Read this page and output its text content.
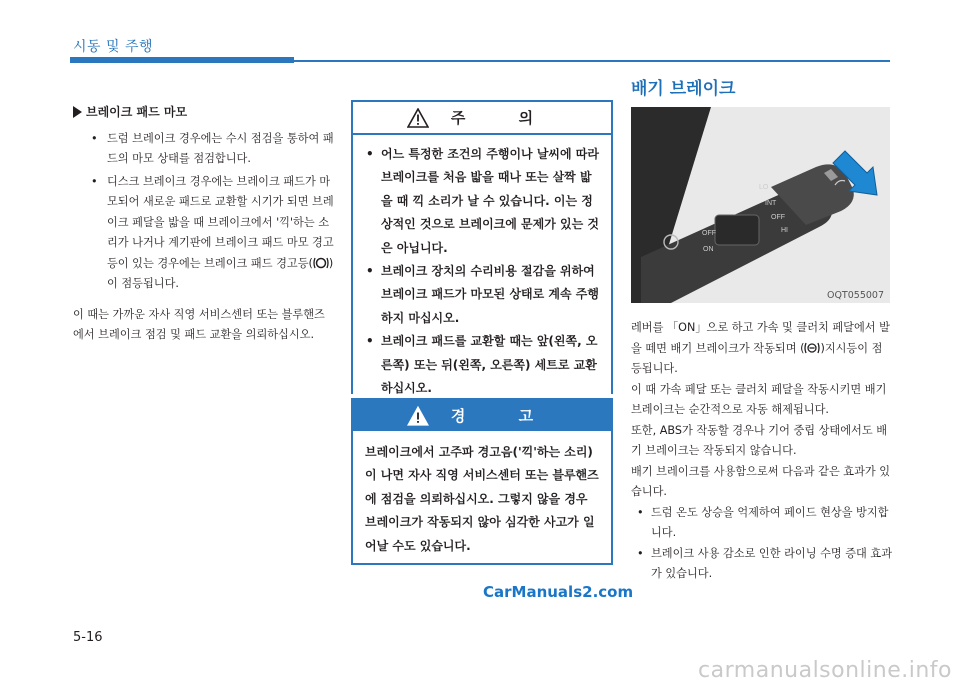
시동 및 주행
브레이크 패드 마모
• 드럼 브레이크 경우에는 수시 점검을 통하여 패드의 마모 상태를 점검합니다.
• 디스크 브레이크 경우에는 브레이크 패드가 마모되어 새로운 패드로 교환할 시기가 되면 브레이크 페달을 밟을 때 브레이크에서 '끽'하는 소리가 나거나 계기판에 브레이크 패드 마모 경고등이 있는 경우에는 브레이크 패드 경고등( )이 점등됩니다.

이 때는 가까운 자사 직영 서비스센터 또는 블루핸즈에서 브레이크 점검 및 패드 교환을 의뢰하십시오.

주 의
• 어느 특정한 조건의 주행이나 날씨에 따라 브레이크를 처음 밟을 때나 또는 살짝 밟을 때 끽 소리가 날 수 있습니다. 이는 정상적인 것으로 브레이크에 문제가 있는 것은 아닙니다.
• 브레이크 장치의 수리비용 절감을 위하여 브레이크 패드가 마모된 상태로 계속 주행하지 마십시오.
• 브레이크 패드를 교환할 때는 앞(왼쪽, 오른쪽) 또는 뒤(왼쪽, 오른쪽) 세트로 교환하십시오.
경 고
브레이크에서 고주파 경고음('끽'하는 소리)이 나면 자사 직영 서비스센터 또는 블루핸즈에 점검을 의뢰하십시오. 그렇지 않을 경우 브레이크가 작동되지 않아 심각한 사고가 일어날 수도 있습니다.
배기 브레이크
OFF
LO
INT
OFF
ON
HI
OQT055007

레버를 「ON」으로 하고 가속 및 클러치 페달에서 발을 떼면 배기 브레이크가 작동되며 ( )지시등이 점등됩니다.

이 때 가속 페달 또는 클러치 페달을 작동시키면 배기 브레이크는 순간적으로 자동 해제됩니다.

또한, ABS가 작동할 경우나 기어 중립 상태에서도 배기 브레이크는 작동되지 않습니다.

배기 브레이크를 사용함으로써 다음과 같은 효과가 있습니다.

• 드럼 온도 상승을 억제하여 페이드 현상을 방지합니다.
• 브레이크 사용 감소로 인한 라이닝 수명 증대 효과가 있습니다.
CarManuals2.com
5-16
carmanualsonline.info
